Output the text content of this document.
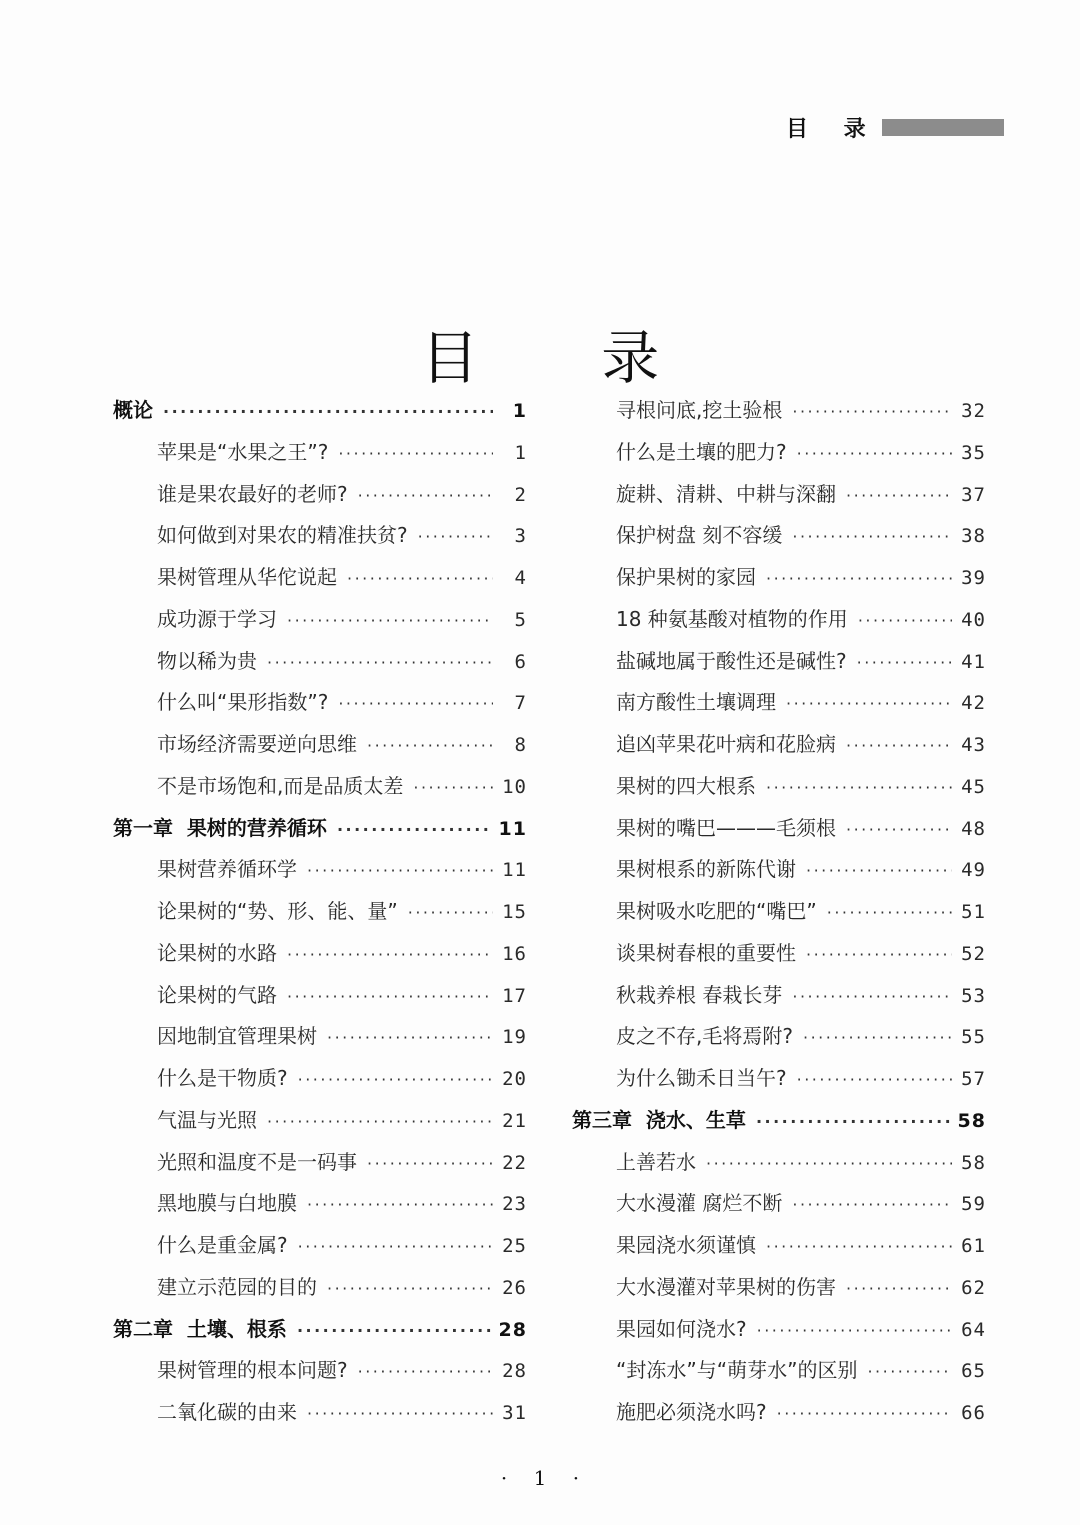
目 录
目 录
概论 ·····	1
苹果是“水果之王”? ·····	1
谁是果农最好的老师? ·····	2
如何做到对果农的精准扶贫? ·····	3
果树管理从华佗说起 ·····	4
成功源于学习 ·····	5
物以稀为贵 ·····	6
什么叫“果形指数”? ·····	7
市场经济需要逆向思维 ·····	8
不是市场饱和,而是品质太差 ·····	10
第一章  果树的营养循环 ·····	11
果树营养循环学 ·····	11
论果树的“势、形、能、量” ·····	15
论果树的水路 ·····	16
论果树的气路 ·····	17
因地制宜管理果树 ·····	19
什么是干物质? ·····	20
气温与光照 ·····	21
光照和温度不是一码事 ·····	22
黑地膜与白地膜 ·····	23
什么是重金属? ·····	25
建立示范园的目的 ·····	26
第二章  土壤、根系 ·····	28
果树管理的根本问题? ·····	28
二氧化碳的由来 ·····	31
寻根问底,挖土验根 ·····	32
什么是土壤的肥力? ·····	35
旋耕、清耕、中耕与深翻 ·····	37
保护树盘 刻不容缓 ·····	38
保护果树的家园 ·····	39
18 种氨基酸对植物的作用 ·····	40
盐碱地属于酸性还是碱性? ·····	41
南方酸性土壤调理 ·····	42
追凶苹果花叶病和花脸病 ·····	43
果树的四大根系 ·····	45
果树的嘴巴———毛须根 ·····	48
果树根系的新陈代谢 ·····	49
果树吸水吃肥的“嘴巴” ·····	51
谈果树春根的重要性 ·····	52
秋栽养根 春栽长芽 ·····	53
皮之不存,毛将焉附? ·····	55
为什么锄禾日当午? ·····	57
第三章  浇水、生草 ·····	58
上善若水 ·····	58
大水漫灌 腐烂不断 ·····	59
果园浇水须谨慎 ·····	61
大水漫灌对苹果树的伤害 ·····	62
果园如何浇水? ·····	64
“封冻水”与“萌芽水”的区别 ·····	65
施肥必须浇水吗? ·····	66
· 1 ·
